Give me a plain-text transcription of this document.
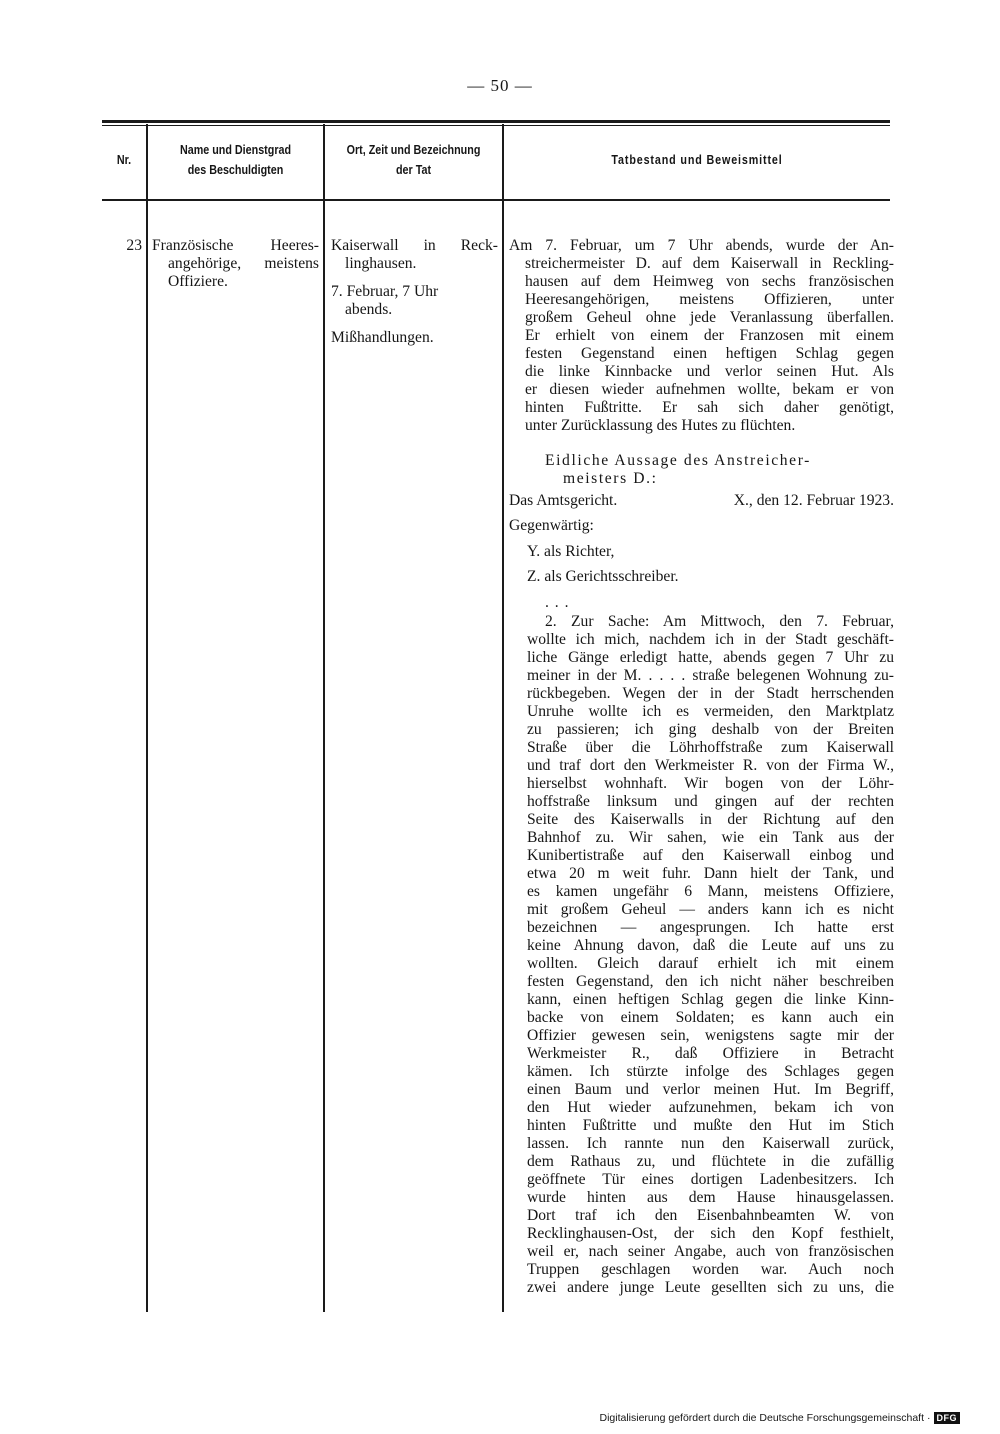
— 50 —
Nr.
Name und Dienstgrad
des Beschuldigten
Ort, Zeit und Bezeichnung
der Tat
Tatbestand und Beweismittel
23 Französische Heeres-
angehörige, meistens
Offiziere.
Kaiserwall in Reck-
linghausen.
7. Februar, 7 Uhr
abends.
Mißhandlungen.
Am 7. Februar, um 7 Uhr abends, wurde der An-
streichermeister D. auf dem Kaiserwall in Reckling-
hausen auf dem Heimweg von sechs französischen
Heeresangehörigen, meistens Offizieren, unter
großem Geheul ohne jede Veranlassung überfallen.
Er erhielt von einem der Franzosen mit einem
festen Gegenstand einen heftigen Schlag gegen
die linke Kinnbacke und verlor seinen Hut. Als
er diesen wieder aufnehmen wollte, bekam er von
hinten Fußtritte. Er sah sich daher genötigt,
unter Zurücklassung des Hutes zu flüchten.
Eidliche Aussage des Anstreicher-
meisters D.:
Das Amtsgericht.	X., den 12. Februar 1923.
Gegenwärtig:
Y. als Richter,
Z. als Gerichtsschreiber.
. . .
2. Zur Sache: Am Mittwoch, den 7. Februar,
wollte ich mich, nachdem ich in der Stadt geschäft-
liche Gänge erledigt hatte, abends gegen 7 Uhr zu
meiner in der M. . . . . straße belegenen Wohnung zu-
rückbegeben. Wegen der in der Stadt herrschenden
Unruhe wollte ich es vermeiden, den Marktplatz
zu passieren; ich ging deshalb von der Breiten
Straße über die Löhrhoffstraße zum Kaiserwall
und traf dort den Werkmeister R. von der Firma W.,
hierselbst wohnhaft. Wir bogen von der Löhr-
hoffstraße linksum und gingen auf der rechten
Seite des Kaiserwalls in der Richtung auf den
Bahnhof zu. Wir sahen, wie ein Tank aus der
Kunibertistraße auf den Kaiserwall einbog und
etwa 20 m weit fuhr. Dann hielt der Tank, und
es kamen ungefähr 6 Mann, meistens Offiziere,
mit großem Geheul — anders kann ich es nicht
bezeichnen — angesprungen. Ich hatte erst
keine Ahnung davon, daß die Leute auf uns zu
wollten. Gleich darauf erhielt ich mit einem
festen Gegenstand, den ich nicht näher beschreiben
kann, einen heftigen Schlag gegen die linke Kinn-
backe von einem Soldaten; es kann auch ein
Offizier gewesen sein, wenigstens sagte mir der
Werkmeister R., daß Offiziere in Betracht
kämen. Ich stürzte infolge des Schlages gegen
einen Baum und verlor meinen Hut. Im Begriff,
den Hut wieder aufzunehmen, bekam ich von
hinten Fußtritte und mußte den Hut im Stich
lassen. Ich rannte nun den Kaiserwall zurück,
dem Rathaus zu, und flüchtete in die zufällig
geöffnete Tür eines dortigen Ladenbesitzers. Ich
wurde hinten aus dem Hause hinausgelassen.
Dort traf ich den Eisenbahnbeamten W. von
Recklinghausen-Ost, der sich den Kopf festhielt,
weil er, nach seiner Angabe, auch von französischen
Truppen geschlagen worden war. Auch noch
zwei andere junge Leute gesellten sich zu uns, die
Digitalisierung gefördert durch die Deutsche Forschungsgemeinschaft · DFG
